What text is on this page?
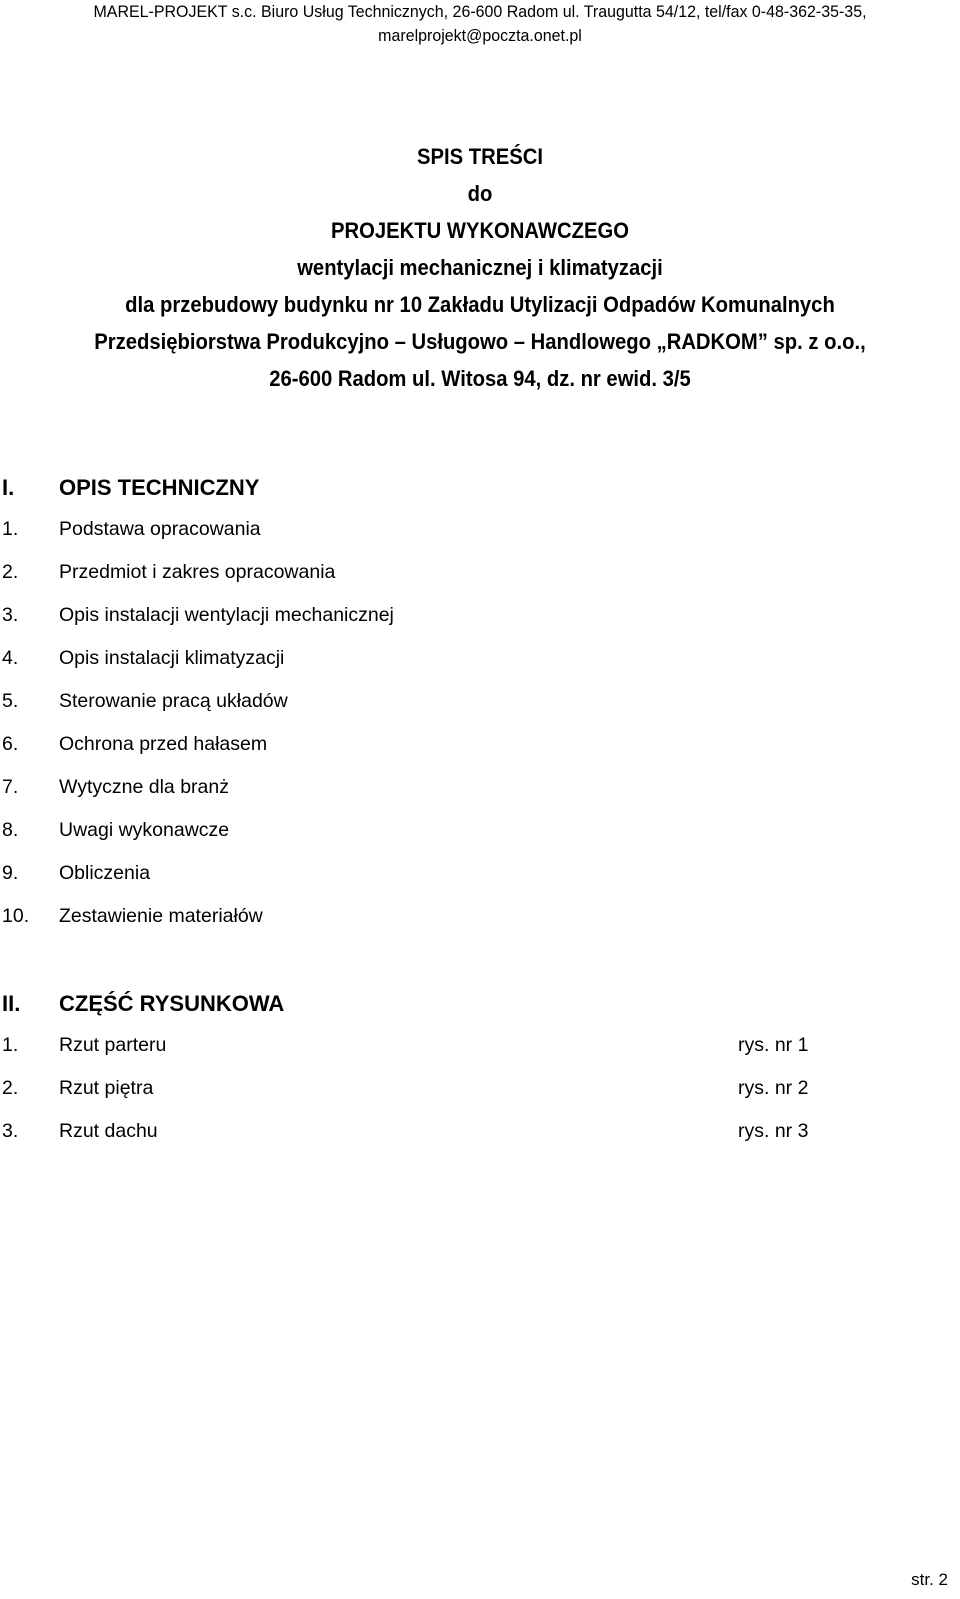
MAREL-PROJEKT s.c. Biuro Usług Technicznych, 26-600 Radom ul. Traugutta 54/12, tel/fax 0-48-362-35-35,
marelprojekt@poczta.onet.pl
SPIS TREŚCI
do
PROJEKTU WYKONAWCZEGO
wentylacji mechanicznej i klimatyzacji
dla przebudowy budynku nr 10 Zakładu Utylizacji Odpadów Komunalnych
Przedsiębiorstwa Produkcyjno – Usługowo – Handlowego „RADKOM” sp. z o.o.,
26-600 Radom ul. Witosa 94, dz. nr ewid. 3/5
I. OPIS TECHNICZNY
1. Podstawa opracowania
2. Przedmiot i zakres opracowania
3. Opis instalacji wentylacji mechanicznej
4. Opis instalacji klimatyzacji
5. Sterowanie pracą układów
6. Ochrona przed hałasem
7. Wytyczne dla branż
8. Uwagi wykonawcze
9. Obliczenia
10. Zestawienie materiałów
II. CZĘŚĆ RYSUNKOWA
1. Rzut parteru	rys. nr 1
2. Rzut piętra	rys. nr 2
3. Rzut dachu	rys. nr 3
str. 2
